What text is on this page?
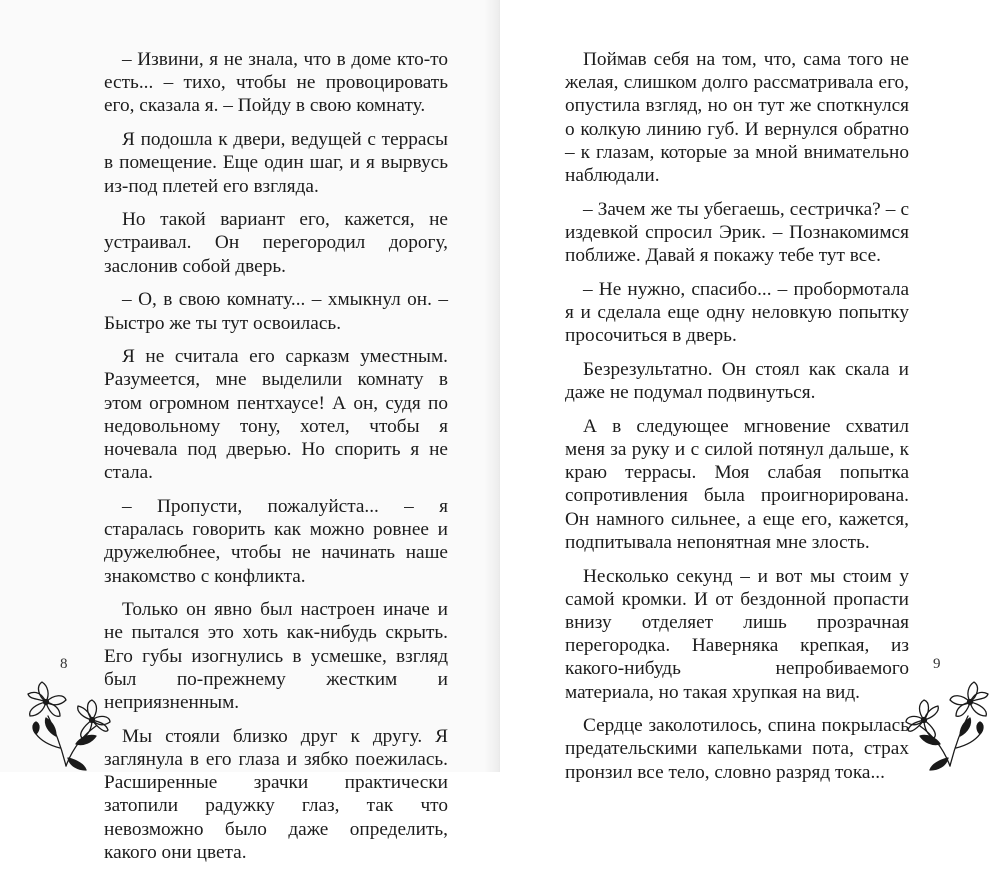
– Извини, я не знала, что в доме кто-то есть... – тихо, чтобы не провоцировать его, сказала я. – Пойду в свою комнату.

Я подошла к двери, ведущей с террасы в помещение. Еще один шаг, и я вырвусь из-под плетей его взгляда.

Но такой вариант его, кажется, не устраивал. Он перегородил дорогу, заслонив собой дверь.

– О, в свою комнату... – хмыкнул он. – Быстро же ты тут освоилась.

Я не считала его сарказм уместным. Разумеется, мне выделили комнату в этом огромном пентхаусе! А он, судя по недовольному тону, хотел, чтобы я ночевала под дверью. Но спорить я не стала.

– Пропусти, пожалуйста... – я старалась говорить как можно ровнее и дружелюбнее, чтобы не начинать наше знакомство с конфликта.

Только он явно был настроен иначе и не пытался это хоть как-нибудь скрыть. Его губы изогнулись в усмешке, взгляд был по-прежнему жестким и неприязненным.

Мы стояли близко друг к другу. Я заглянула в его глаза и зябко поежилась. Расширенные зрачки практически затопили радужку глаз, так что невозможно было даже определить, какого они цвета.

8

Поймав себя на том, что, сама того не желая, слишком долго рассматривала его, опустила взгляд, но он тут же споткнулся о колкую линию губ. И вернулся обратно – к глазам, которые за мной внимательно наблюдали.

– Зачем же ты убегаешь, сестричка? – с издевкой спросил Эрик. – Познакомимся поближе. Давай я покажу тебе тут все.

– Не нужно, спасибо... – пробормотала я и сделала еще одну неловкую попытку просочиться в дверь.

Безрезультатно. Он стоял как скала и даже не подумал подвинуться.

А в следующее мгновение схватил меня за руку и с силой потянул дальше, к краю террасы. Моя слабая попытка сопротивления была проигнорирована. Он намного сильнее, а еще его, кажется, подпитывала непонятная мне злость.

Несколько секунд – и вот мы стоим у самой кромки. И от бездонной пропасти внизу отделяет лишь прозрачная перегородка. Наверняка крепкая, из какого-нибудь непробиваемого материала, но такая хрупкая на вид.

Сердце заколотилось, спина покрылась предательскими капельками пота, страх пронзил все тело, словно разряд тока...

9
